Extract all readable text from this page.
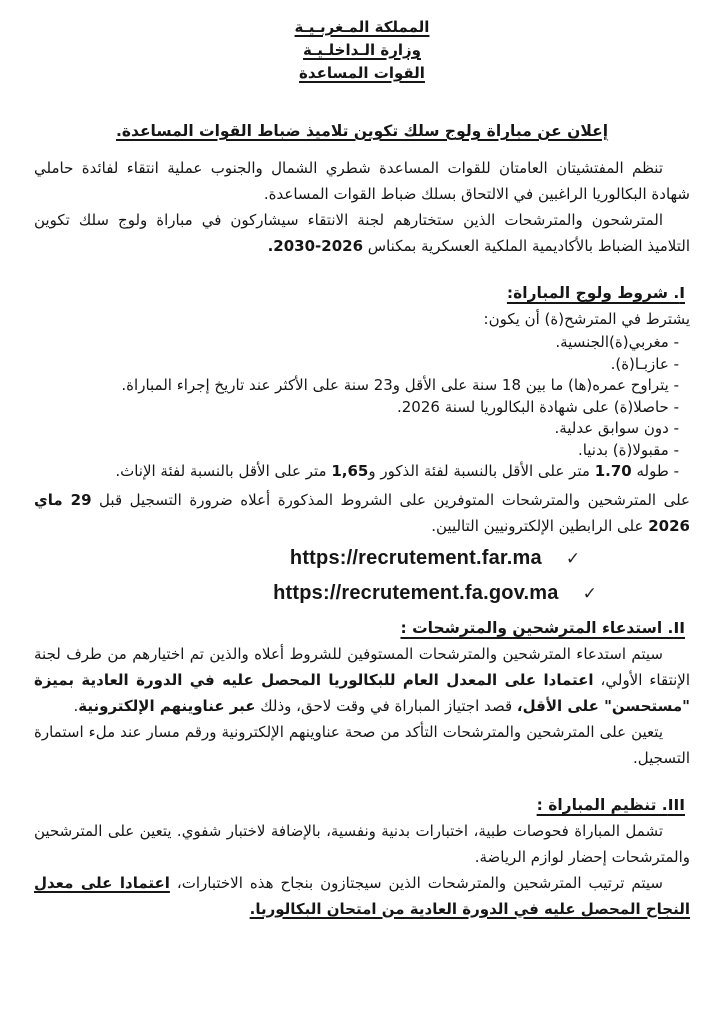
المملكة المـغربـيـة
وزارة الـداخلـيـة
القوات المساعدة
إعلان عن مباراة ولوج سلك تكوين تلاميذ ضباط القوات المساعدة.

تنظم المفتشيتان العامتان للقوات المساعدة شطري الشمال والجنوب عملية انتقاء لفائدة حاملي شهادة البكالوريا الراغبين في الالتحاق بسلك ضباط القوات المساعدة.

المترشحون والمترشحات الذين ستختارهم لجنة الانتقاء سيشاركون في مباراة ولوج سلك تكوين التلاميذ الضباط بالأكاديمية الملكية العسكرية بمكناس 2030-2026.

I. شروط ولوج المباراة:

يشترط في المترشح(ة) أن يكون:

- مغربي(ة)الجنسية.
- عازبـا(ة).
- يتراوح عمره(ها) ما بين 18 سنة على الأقل و23 سنة على الأكثر عند تاريخ إجراء المباراة.
- حاصلا(ة) على شهادة البكالوريا لسنة 2026.
- دون سوابق عدلية.
- مقبولا(ة) بدنيا.
- طوله 1.70 متر على الأقل بالنسبة لفئة الذكور و1,65 متر على الأقل بالنسبة لفئة الإناث.

على المترشحين والمترشحات المتوفرين على الشروط المذكورة أعلاه ضرورة التسجيل قبل 29 ماي 2026 على الرابطين الإلكترونيين التاليين.

https://recrutement.far.ma ✓
https://recrutement.fa.gov.ma ✓
II. استدعاء المترشحين والمترشحات :

سيتم استدعاء المترشحين والمترشحات المستوفين للشروط أعلاه والذين تم اختيارهم من طرف لجنة الإنتقاء الأولي، اعتمادا على المعدل العام للبكالوريا المحصل عليه في الدورة العادية بميزة "مستحسن" على الأقل، قصد اجتياز المباراة في وقت لاحق، وذلك عبر عناوينهم الإلكترونية.

يتعين على المترشحين والمترشحات التأكد من صحة عناوينهم الإلكترونية ورقم مسار عند ملء استمارة التسجيل.

III. تنظيم المباراة :

تشمل المباراة فحوصات طبية، اختبارات بدنية ونفسية، بالإضافة لاختبار شفوي. يتعين على المترشحين والمترشحات إحضار لوازم الرياضة.

سيتم ترتيب المترشحين والمترشحات الذين سيجتازون بنجاح هذه الاختبارات، اعتمادا على معدل النجاح المحصل عليه في الدورة العادية من امتحان البكالوريا.
